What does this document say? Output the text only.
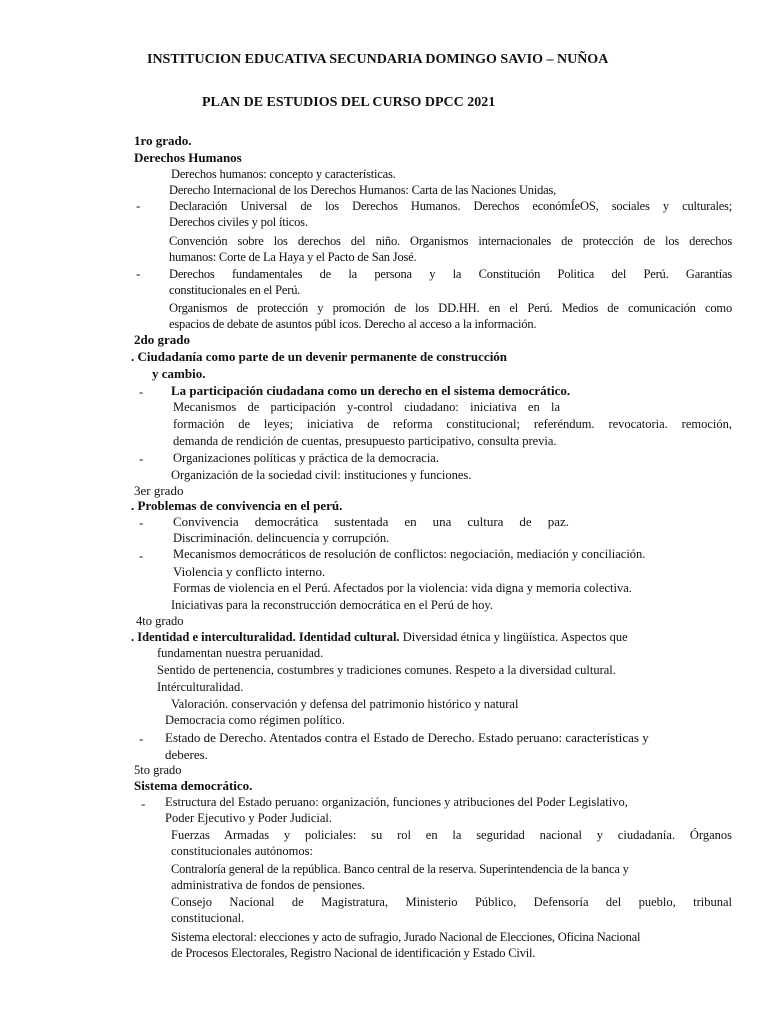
INSTITUCION EDUCATIVA SECUNDARIA DOMINGO SAVIO – NUÑOA
PLAN DE ESTUDIOS DEL CURSO DPCC 2021
1ro grado.
Derechos Humanos
Derechos humanos: concepto y características.
Derecho Internacional de los Derechos Humanos: Carta de las Naciones Unidas,
- Declaración Universal de los Derechos Humanos. Derechos económÍeOS, sociales y culturales;
Derechos civiles y pol íticos.
Convención sobre los derechos del niño. Organismos internacionales de protección de los derechos
humanos: Corte de La Haya y el Pacto de San José.
- Derechos fundamentales de la persona y la Constitución Politica del Perú. Garantías
constitucionales en el Perú.
Organismos de protección y promoción de los DD.HH. en el Perú. Medios de comunicación como
espacios de debate de asuntos públ icos. Derecho al acceso a la información.
2do grado
. Ciudadanía como parte de un devenir permanente de construcción
y cambio.
- La participación ciudadana como un derecho en el sistema democrático.
Mecanismos de participación y-control ciudadano: iniciativa en la
formación de leyes; iniciativa de reforma constitucional; referéndum. revocatoria. remoción,
demanda de rendición de cuentas, presupuesto participativo, consulta previa.
- Organizaciones políticas y práctica de la democracia.
Organización de la sociedad civil: instituciones y funciones.
3er grado
. Problemas de convivencia en el perú.
- Convivencia democrática sustentada en una cultura de paz.
Discriminación. delincuencia y corrupción.
- Mecanismos democráticos de resolución de conflictos: negociación, mediación y conciliación.
Violencia y conflicto interno.
Formas de violencia en el Perú. Afectados por la violencia: vida digna y memoria colectiva.
Iniciativas para la reconstrucción democrática en el Perú de hoy.
4to grado
. Identidad e interculturalidad. Identidad cultural. Diversidad étnica y lingüística. Aspectos que
fundamentan nuestra peruanidad.
Sentido de pertenencia, costumbres y tradiciones comunes. Respeto a la diversidad cultural.
Intérculturalidad.
Valoración. conservación y defensa del patrimonio histórico y natural
Democracia como régimen político.
- Estado de Derecho. Atentados contra el Estado de Derecho. Estado peruano: características y
deberes.
5to grado
Sistema democrático.
- Estructura del Estado peruano: organización, funciones y atribuciones del Poder Legislativo,
Poder Ejecutivo y Poder Judicial.
Fuerzas Armadas y policiales: su rol en la seguridad nacional y ciudadanía. Órganos
constitucionales autónomos:
Contraloría general de la república. Banco central de la reserva. Superintendencia de la banca y
administrativa de fondos de pensiones.
Consejo Nacional de Magistratura, Ministerio Público, Defensoría del pueblo, tribunal
constitucional.
Sistema electoral: elecciones y acto de sufragio, Jurado Nacional de Elecciones, Oficina Nacional
de Procesos Electorales, Registro Nacional de identificación y Estado Civil.
